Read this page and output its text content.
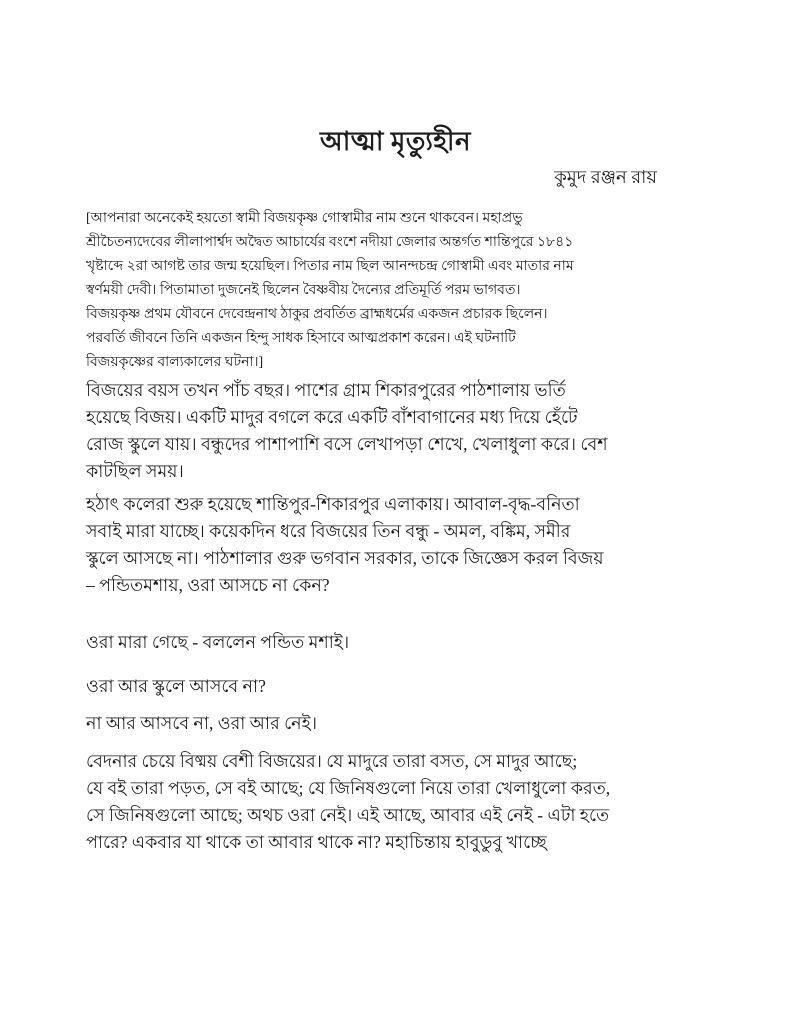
আত্মা মৃত্যুহীন
কুমুদ রঞ্জন রায়
[আপনারা অনেকেই হয়তো স্বামী বিজয়কৃষ্ণ গোস্বামীর নাম শুনে থাকবেন। মহাপ্রভু
শ্রীচৈতন্যদেবের লীলাপার্শ্বদ অদ্বৈত আচার্যের বংশে নদীয়া জেলার অন্তর্গত শান্তিপুরে ১৮৪১
খৃষ্টাব্দে ২রা আগষ্ট তার জন্ম হয়েছিল। পিতার নাম ছিল আনন্দচন্দ্র গোস্বামী এবং মাতার নাম
স্বর্ণময়ী দেবী। পিতামাতা দুজনেই ছিলেন বৈষ্ণবীয় দৈন্যের প্রতিমূর্তি পরম ভাগবত।
বিজয়কৃষ্ণ প্রথম যৌবনে দেবেন্দ্রনাথ ঠাকুর প্রবর্তিত ব্রাহ্মধর্মের একজন প্রচারক ছিলেন।
পরবর্তি জীবনে তিনি একজন হিন্দু সাধক হিসাবে আত্মপ্রকাশ করেন। এই ঘটনাটি
বিজয়কৃষ্ণের বাল্যকালের ঘটনা।]
বিজয়ের বয়স তখন পাঁচ বছর। পাশের গ্রাম শিকারপুরের পাঠশালায় ভর্তি
হয়েছে বিজয়। একটি মাদুর বগলে করে একটি বাঁশবাগানের মধ্য দিয়ে হেঁটে
রোজ স্কুলে যায়। বন্ধুদের পাশাপাশি বসে লেখাপড়া শেখে, খেলাধুলা করে। বেশ
কাটছিল সময়।
হঠাৎ কলেরা শুরু হয়েছে শান্তিপুর-শিকারপুর এলাকায়। আবাল-বৃদ্ধ-বনিতা
সবাই মারা যাচ্ছে। কয়েকদিন ধরে বিজয়ের তিন বন্ধু - অমল, বঙ্কিম, সমীর
স্কুলে আসছে না। পাঠশালার গুরু ভগবান সরকার, তাকে জিজ্ঞেস করল বিজয়
– পন্ডিতমশায়, ওরা আসচে না কেন?
ওরা মারা গেছে - বললেন পন্ডিত মশাই।
ওরা আর স্কুলে আসবে না?
না আর আসবে না, ওরা আর নেই।
বেদনার চেয়ে বিষ্ময় বেশী বিজয়ের। যে মাদুরে তারা বসত, সে মাদুর আছে;
যে বই তারা পড়ত, সে বই আছে; যে জিনিষগুলো নিয়ে তারা খেলাধুলো করত,
সে জিনিষগুলো আছে; অথচ ওরা নেই। এই আছে, আবার এই নেই - এটা হতে
পারে? একবার যা থাকে তা আবার থাকে না? মহাচিন্তায় হাবুডুবু খাচ্ছে
